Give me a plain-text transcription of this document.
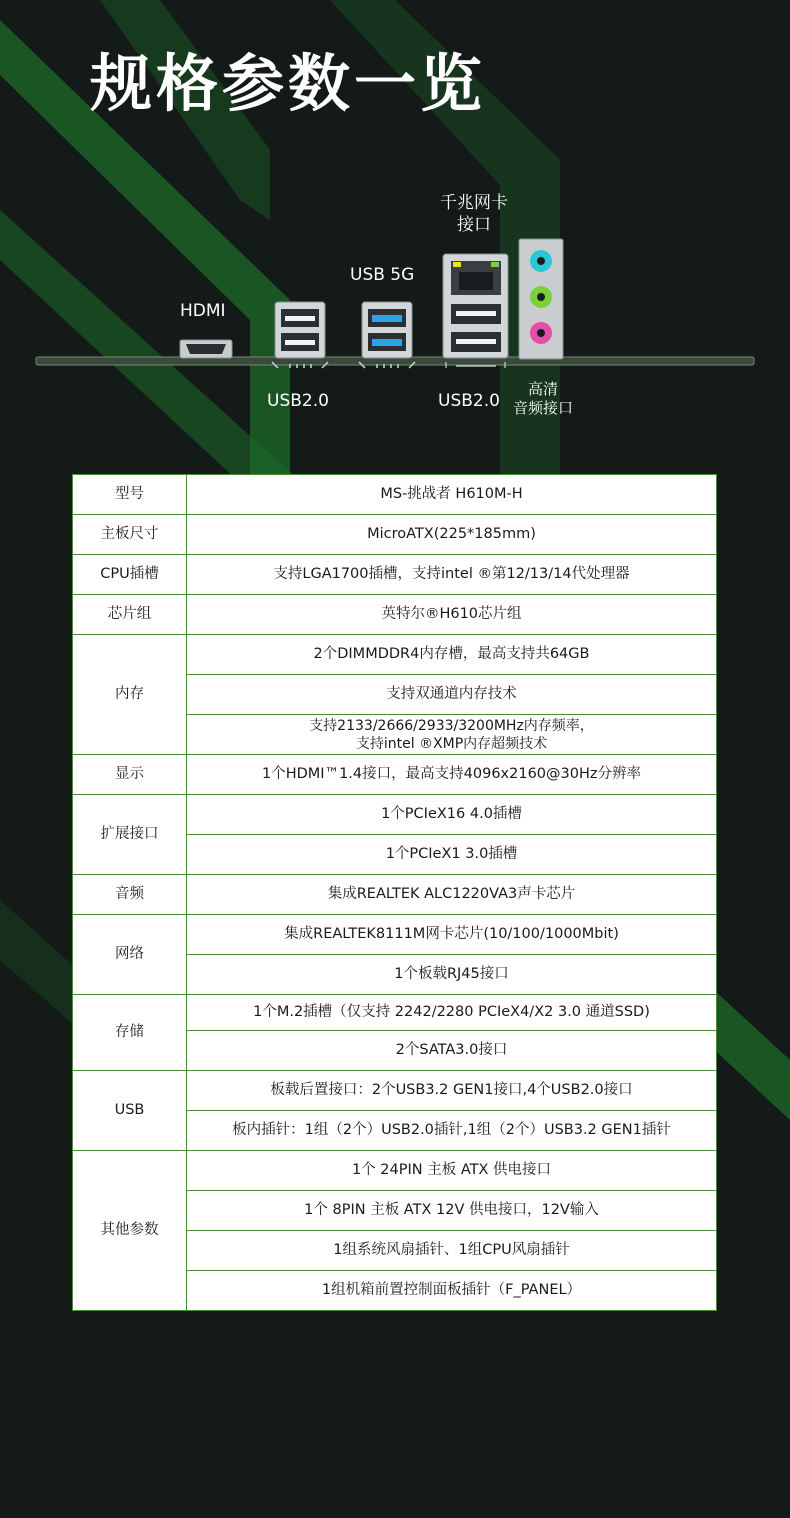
规格参数一览
HDMI
USB 5G
千兆网卡
接口
USB2.0	USB2.0
高清
音频接口
型号	MS-挑战者 H610M-H
主板尺寸	MicroATX(225*185mm)
CPU插槽	支持LGA1700插槽，支持intel ®第12/13/14代处理器
芯片组	英特尔®H610芯片组
内存	2个DIMMDDR4内存槽，最高支持共64GB
	支持双通道内存技术

	支持2133/2666/2933/3200MHz内存频率，
支持intel ®XMP内存超频技术

显示	1个HDMI™1.4接口，最高支持4096x2160@30Hz分辨率
扩展接口	1个PCIeX16 4.0插槽
	1个PCIeX1 3.0插槽
音频	集成REALTEK ALC1220VA3声卡芯片
网络	集成REALTEK8111M网卡芯片(10/100/1000Mbit)
	1个板载RJ45接口
存储	1个M.2插槽（仅支持 2242/2280 PCIeX4/X2 3.0 通道SSD)
	2个SATA3.0接口
USB	板载后置接口：2个USB3.2 GEN1接口,4个USB2.0接口
	板内插针：1组（2个）USB2.0插针,1组（2个）USB3.2 GEN1插针
其他参数	1个 24PIN 主板 ATX 供电接口
	1个 8PIN 主板 ATX 12V 供电接口，12V输入
	1组系统风扇插针、1组CPU风扇插针
	1组机箱前置控制面板插针（F_PANEL）
